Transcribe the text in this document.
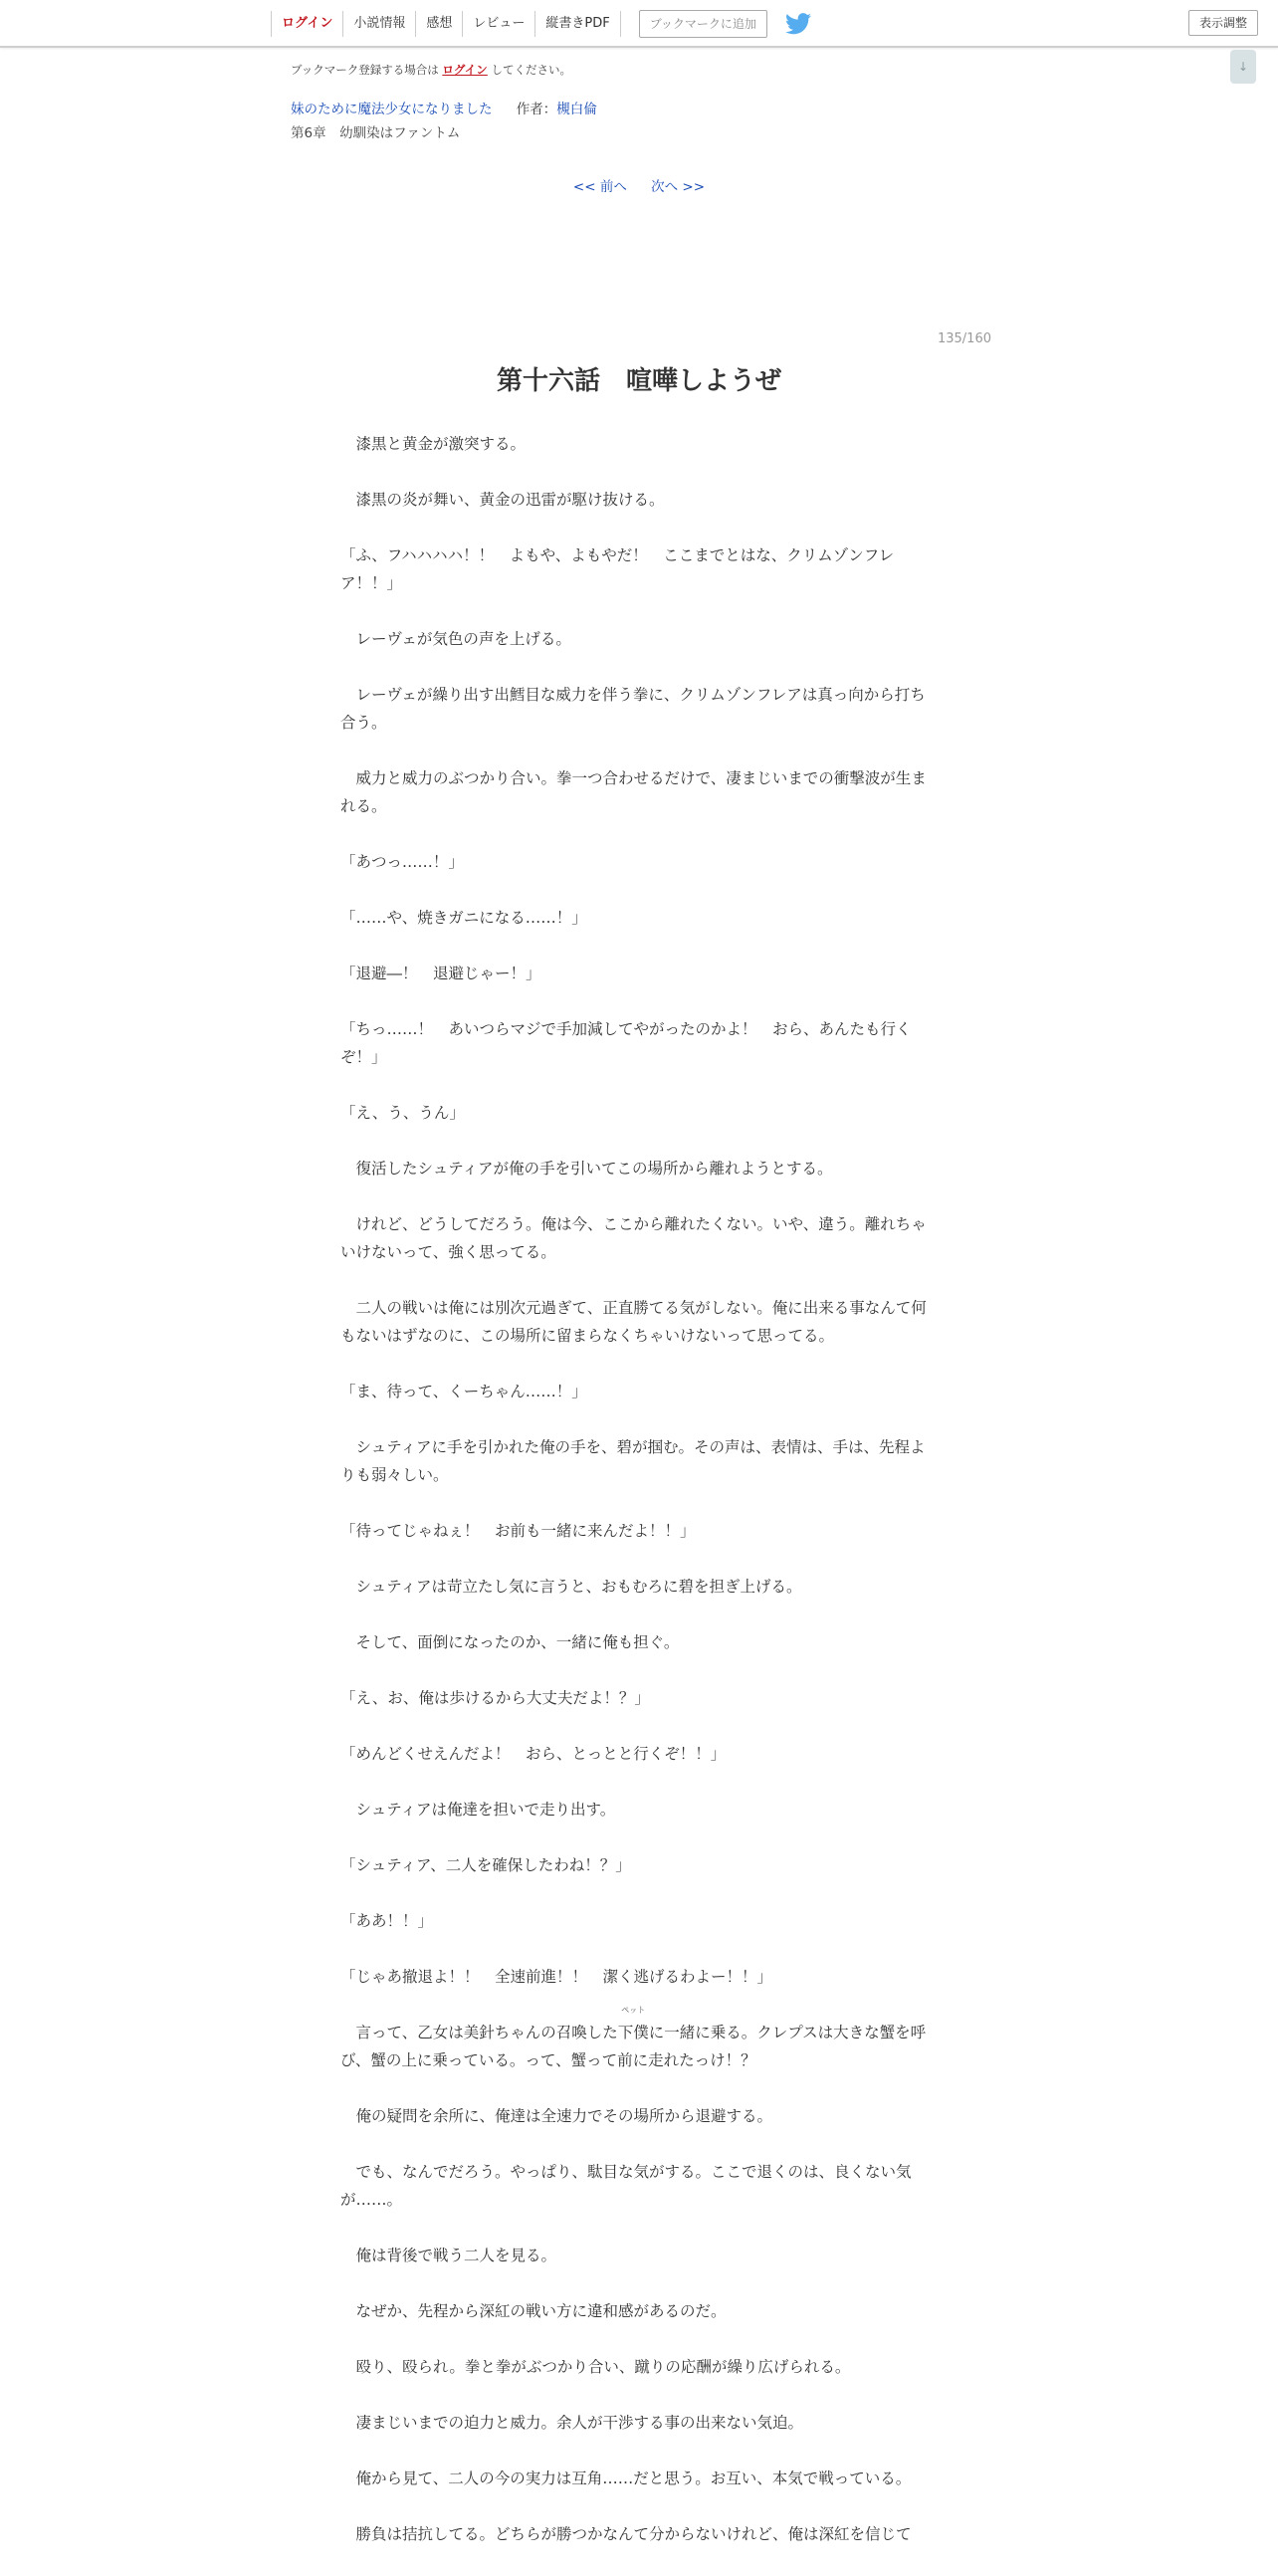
ログイン	小説情報	感想	レビュー	縦書きPDF	ブックマークに追加	表示調整
↓
ブックマーク登録する場合は ログイン してください。
妹のために魔法少女になりました 作者：槻白倫
第6章　幼馴染はファントム
<< 前へ 次へ >>
135/160
第十六話　喧嘩しようぜ

　漆黒と黄金が激突する。

　漆黒の炎が舞い、黄金の迅雷が駆け抜ける。

「ふ、フハハハハ！！　よもや、よもやだ！　ここまでとはな、クリムゾンフレア！！」

　レーヴェが気色の声を上げる。

　レーヴェが繰り出す出鱈目な威力を伴う拳に、クリムゾンフレアは真っ向から打ち合う。

　威力と威力のぶつかり合い。拳一つ合わせるだけで、凄まじいまでの衝撃波が生まれる。

「あつっ……！」

「……や、焼きガニになる……！」

「退避―！　退避じゃー！」

「ちっ……！　あいつらマジで手加減してやがったのかよ！　おら、あんたも行くぞ！」

「え、う、うん」

　復活したシュティアが俺の手を引いてこの場所から離れようとする。

　けれど、どうしてだろう。俺は今、ここから離れたくない。いや、違う。離れちゃいけないって、強く思ってる。

　二人の戦いは俺には別次元過ぎて、正直勝てる気がしない。俺に出来る事なんて何もないはずなのに、この場所に留まらなくちゃいけないって思ってる。

「ま、待って、くーちゃん……！」

　シュティアに手を引かれた俺の手を、碧が掴む。その声は、表情は、手は、先程よりも弱々しい。

「待ってじゃねぇ！　お前も一緒に来んだよ！！」

　シュティアは苛立たし気に言うと、おもむろに碧を担ぎ上げる。

　そして、面倒になったのか、一緒に俺も担ぐ。

「え、お、俺は歩けるから大丈夫だよ！？」

「めんどくせえんだよ！　おら、とっとと行くぞ！！」

　シュティアは俺達を担いで走り出す。

「シュティア、二人を確保したわね！？」

「ああ！！」

「じゃあ撤退よ！！　全速前進！！　潔く逃げるわよー！！」

　言って、乙女は美針ちゃんの召喚した
ペット
下僕に一緒に乗る。クレプスは大きな蟹を呼び、蟹の上に乗っている。って、蟹って前に走れたっけ！？

　俺の疑問を余所に、俺達は全速力でその場所から退避する。

　でも、なんでだろう。やっぱり、駄目な気がする。ここで退くのは、良くない気が……。

　俺は背後で戦う二人を見る。

　なぜか、先程から深紅の戦い方に違和感があるのだ。

　殴り、殴られ。拳と拳がぶつかり合い、蹴りの応酬が繰り広げられる。

　凄まじいまでの迫力と威力。余人が干渉する事の出来ない気迫。

　俺から見て、二人の今の実力は互角……だと思う。お互い、本気で戦っている。

　勝負は拮抗してる。どちらが勝つかなんて分からないけれど、俺は深紅を信じて
